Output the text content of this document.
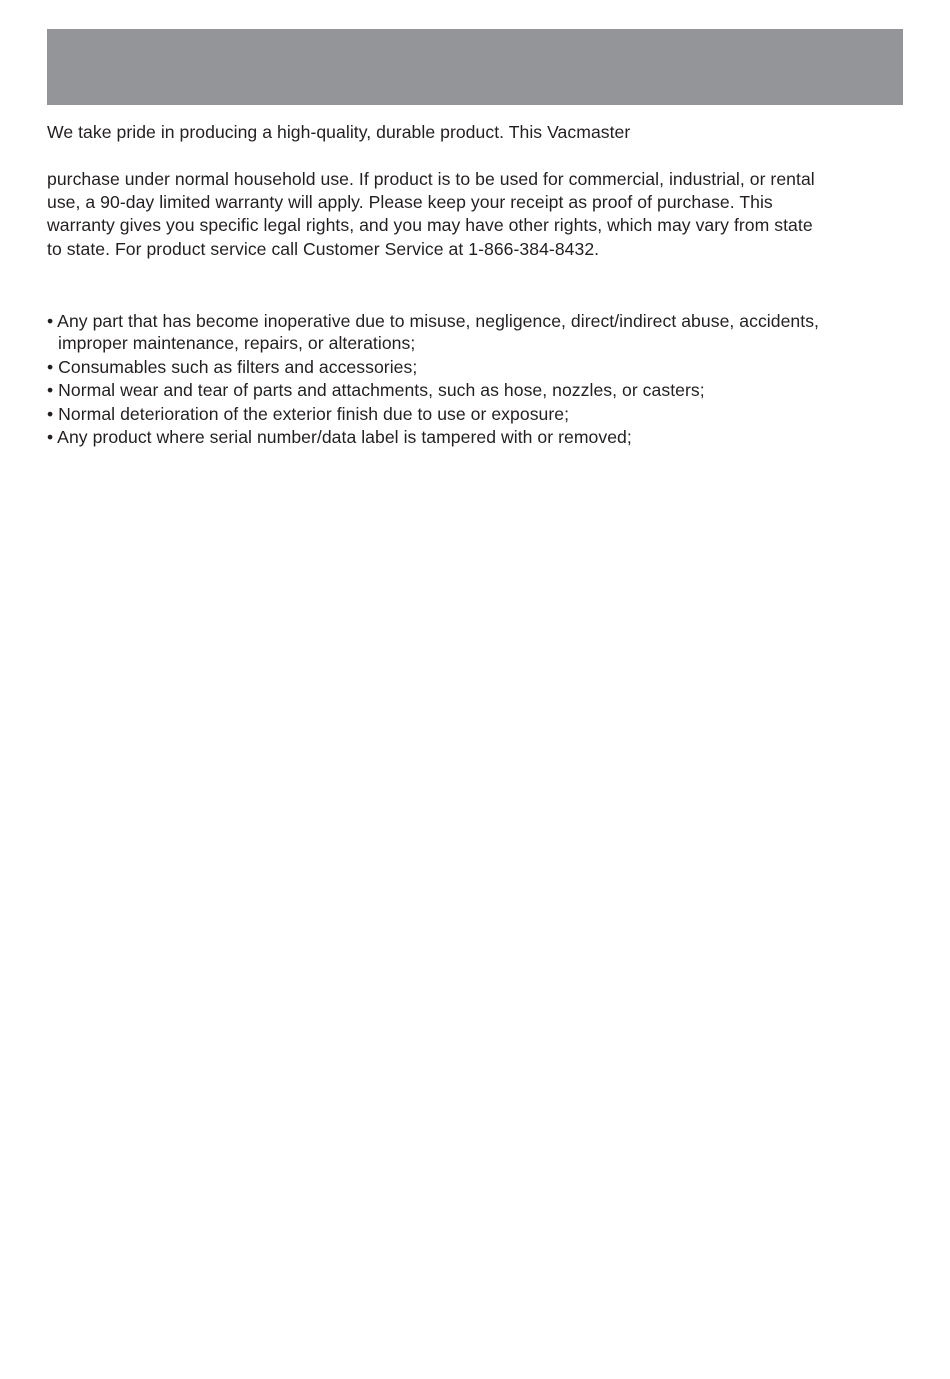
We take pride in producing a high-quality, durable product. This Vacmaster
purchase under normal household use. If product is to be used for commercial, industrial, or rental
use, a 90-day limited warranty will apply. Please keep your receipt as proof of purchase. This
warranty gives you specific legal rights, and you may have other rights, which may vary from state
to state. For product service call Customer Service at 1-866-384-8432.
• Any part that has become inoperative due to misuse, negligence, direct/indirect abuse, accidents,
improper maintenance, repairs, or alterations;
• Consumables such as filters and accessories;
• Normal wear and tear of parts and attachments, such as hose, nozzles, or casters;
• Normal deterioration of the exterior finish due to use or exposure;
• Any product where serial number/data label is tampered with or removed;
